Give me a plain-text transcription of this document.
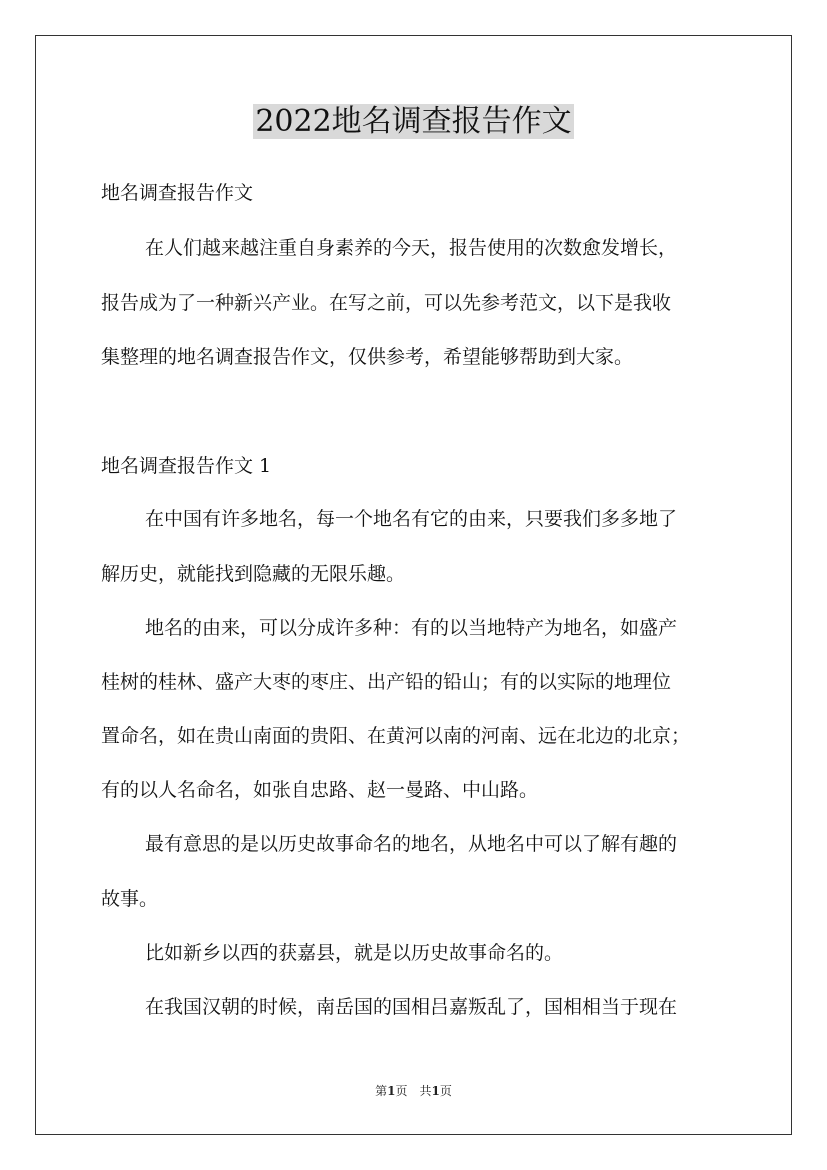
2022地名调查报告作文
地名调查报告作文
在人们越来越注重自身素养的今天，报告使用的次数愈发增长，
报告成为了一种新兴产业。在写之前，可以先参考范文，以下是我收
集整理的地名调查报告作文，仅供参考，希望能够帮助到大家。
地名调查报告作文 1
在中国有许多地名，每一个地名有它的由来，只要我们多多地了
解历史，就能找到隐藏的无限乐趣。
地名的由来，可以分成许多种：有的以当地特产为地名，如盛产
桂树的桂林、盛产大枣的枣庄、出产铅的铅山；有的以实际的地理位
置命名，如在贵山南面的贵阳、在黄河以南的河南、远在北边的北京；
有的以人名命名，如张自忠路、赵一曼路、中山路。
最有意思的是以历史故事命名的地名，从地名中可以了解有趣的
故事。
比如新乡以西的获嘉县，就是以历史故事命名的。
在我国汉朝的时候，南岳国的国相吕嘉叛乱了，国相相当于现在
第1页　共1页
